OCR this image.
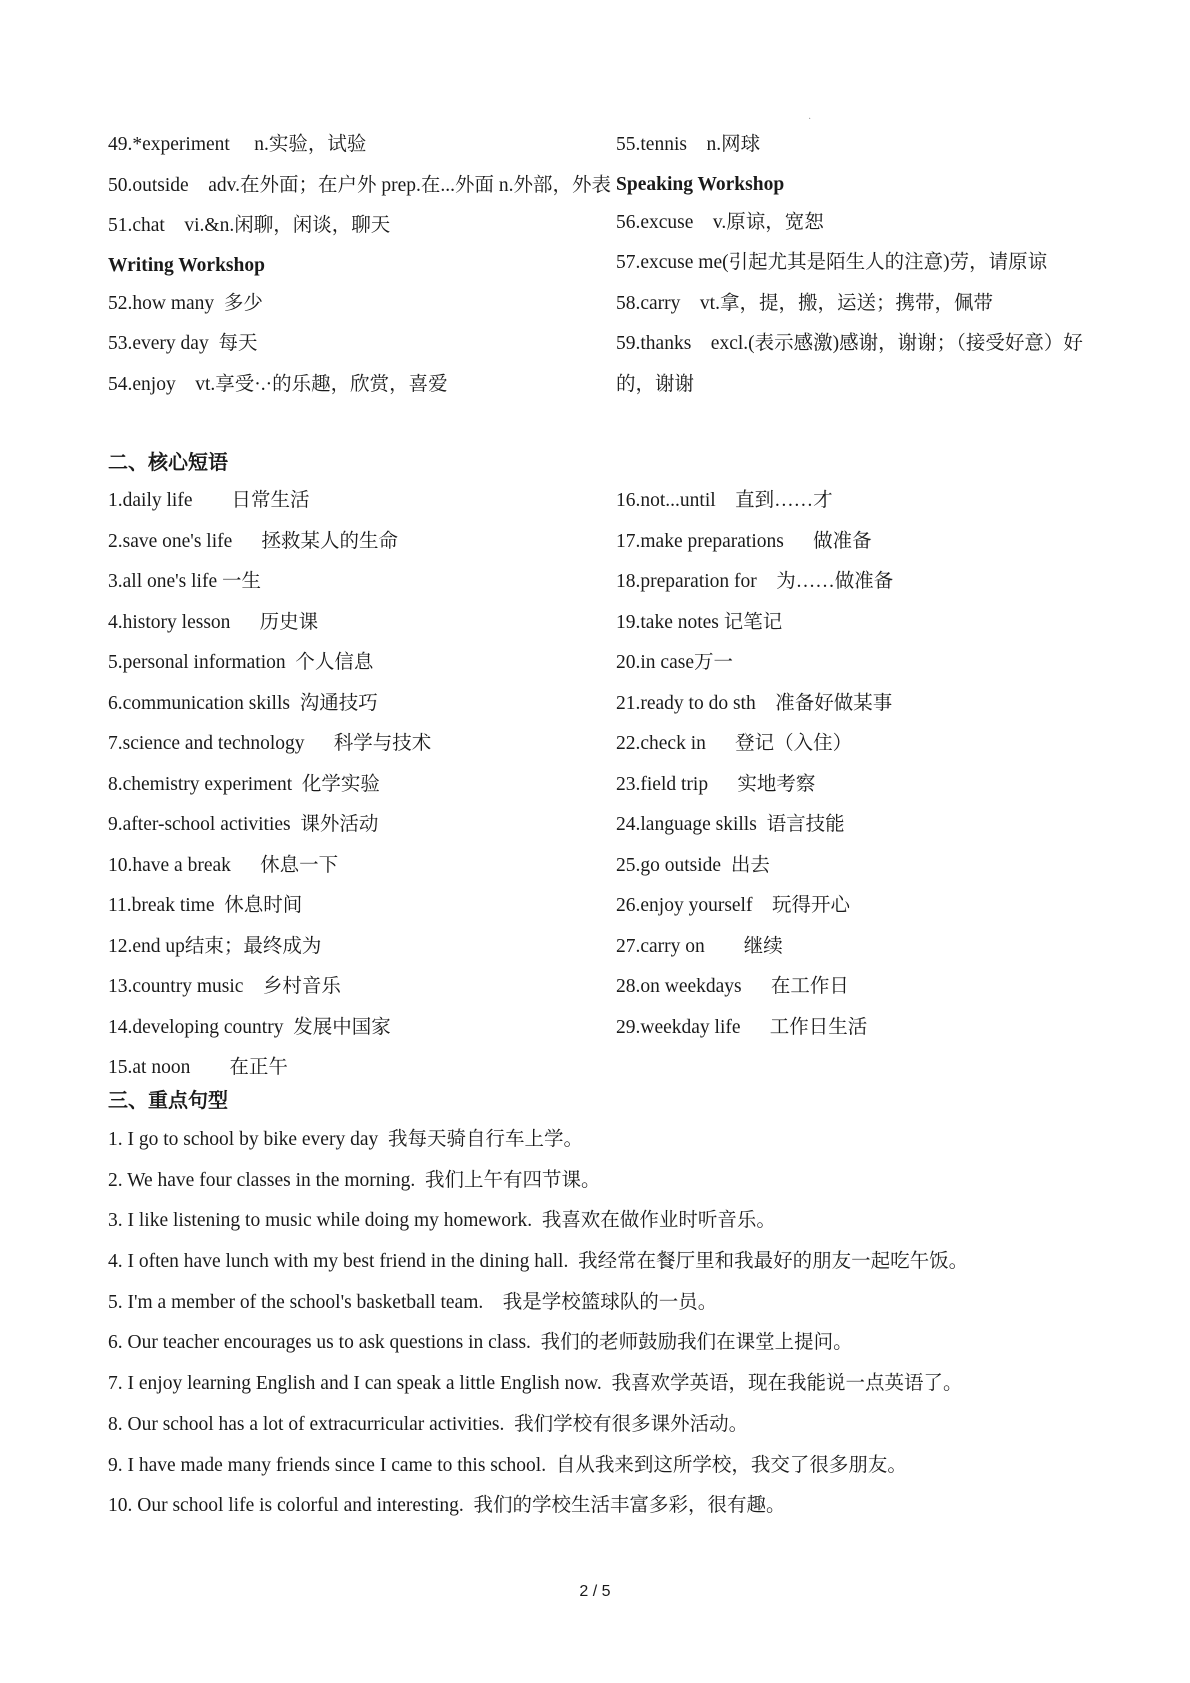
·
49.*experiment  n.实验，试验
50.outside adv.在外面；在户外 prep.在...外面 n.外部，外表
51.chat vi.&n.闲聊，闲谈，聊天
Writing Workshop
52.how many 多少
53.every day 每天
54.enjoy vt.享受·.·的乐趣，欣赏，喜爱
55.tennis n.网球
Speaking Workshop
56.excuse v.原谅，宽恕
57.excuse me(引起尤其是陌生人的注意)劳，请原谅
58.carry vt.拿，提，搬，运送；携带，佩带
59.thanks excl.(表示感激)感谢，谢谢；（接受好意）好的，谢谢
二、核心短语
1.daily life  日常生活
2.save one's life  拯救某人的生命
3.all one's life 一生
4.history lesson  历史课
5.personal information 个人信息
6.communication skills 沟通技巧
7.science and technology  科学与技术
8.chemistry experiment 化学实验
9.after-school activities 课外活动
10.have a break  休息一下
11.break time 休息时间
12.end up结束；最终成为
13.country music 乡村音乐
14.developing country 发展中国家
15.at noon  在正午
16.not...until 直到……才
17.make preparations  做准备
18.preparation for 为……做准备
19.take notes 记笔记
20.in case万一
21.ready to do sth 准备好做某事
22.check in  登记（入住）
23.field trip  实地考察
24.language skills 语言技能
25.go outside 出去
26.enjoy yourself 玩得开心
27.carry on  继续
28.on weekdays  在工作日
29.weekday life  工作日生活
三、重点句型
1. I go to school by bike every day 我每天骑自行车上学。
2. We have four classes in the morning. 我们上午有四节课。
3. I like listening to music while doing my homework. 我喜欢在做作业时听音乐。
4. I often have lunch with my best friend in the dining hall. 我经常在餐厅里和我最好的朋友一起吃午饭。
5. I'm a member of the school's basketball team. 我是学校篮球队的一员。
6. Our teacher encourages us to ask questions in class. 我们的老师鼓励我们在课堂上提问。
7. I enjoy learning English and I can speak a little English now. 我喜欢学英语，现在我能说一点英语了。
8. Our school has a lot of extracurricular activities. 我们学校有很多课外活动。
9. I have made many friends since I came to this school. 自从我来到这所学校，我交了很多朋友。
10. Our school life is colorful and interesting. 我们的学校生活丰富多彩，很有趣。
2 / 5
